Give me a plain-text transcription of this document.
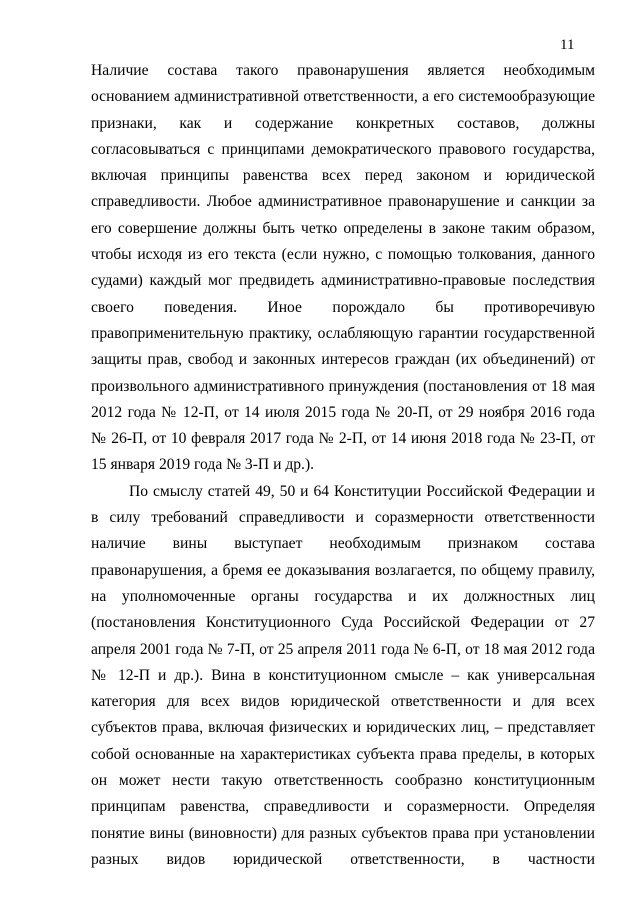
11
Наличие состава такого правонарушения является необходимым
основанием административной ответственности, а его системообразующие
признаки, как и содержание конкретных составов, должны
согласовываться с принципами демократического правового государства,
включая принципы равенства всех перед законом и юридической
справедливости. Любое административное правонарушение и санкции за
его совершение должны быть четко определены в законе таким образом,
чтобы исходя из его текста (если нужно, с помощью толкования, данного
судами) каждый мог предвидеть административно-правовые последствия
своего поведения. Иное порождало бы противоречивую
правоприменительную практику, ослабляющую гарантии государственной
защиты прав, свобод и законных интересов граждан (их объединений) от
произвольного административного принуждения (постановления от 18 мая
2012 года № 12-П, от 14 июля 2015 года № 20-П, от 29 ноября 2016 года
№ 26-П, от 10 февраля 2017 года № 2-П, от 14 июня 2018 года № 23-П, от
15 января 2019 года № 3-П и др.).
По смыслу статей 49, 50 и 64 Конституции Российской Федерации и
в силу требований справедливости и соразмерности ответственности
наличие вины выступает необходимым признаком состава
правонарушения, а бремя ее доказывания возлагается, по общему правилу,
на уполномоченные органы государства и их должностных лиц
(постановления Конституционного Суда Российской Федерации от 27
апреля 2001 года № 7-П, от 25 апреля 2011 года № 6-П, от 18 мая 2012 года
№ 12-П и др.). Вина в конституционном смысле – как универсальная
категория для всех видов юридической ответственности и для всех
субъектов права, включая физических и юридических лиц, – представляет
собой основанные на характеристиках субъекта права пределы, в которых
он может нести такую ответственность сообразно конституционным
принципам равенства, справедливости и соразмерности. Определяя
понятие вины (виновности) для разных субъектов права при установлении
разных видов юридической ответственности, в частности
